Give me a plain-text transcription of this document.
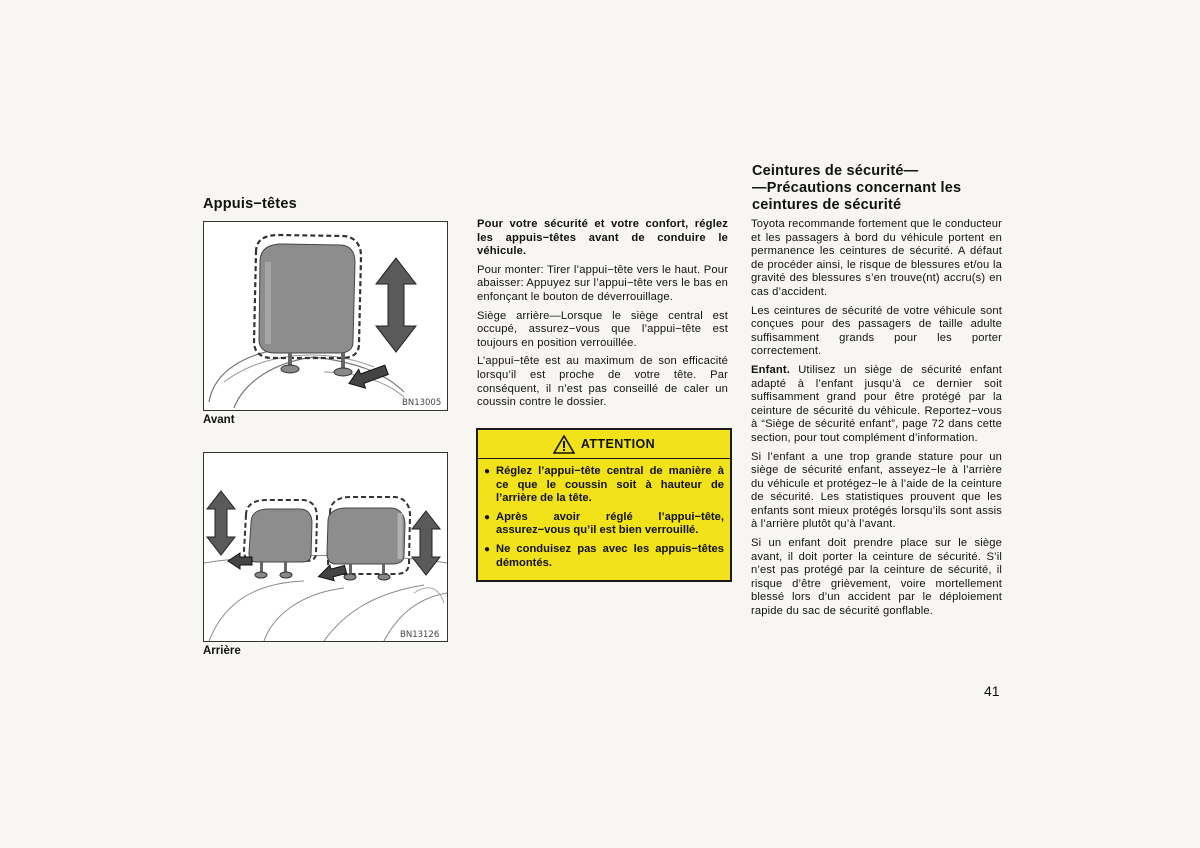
Appuis−têtes
BN13005
Avant
BN13126
Arrière

Pour votre sécurité et votre confort, réglez les appuis−têtes avant de conduire le véhicule.

Pour monter: Tirer l’appui−tête vers le haut. Pour abaisser: Appuyez sur l’appui−tête vers le bas en enfonçant le bouton de déverrouillage.

Siège arrière—Lorsque le siège central est occupé, assurez−vous que l’appui−tête est toujours en position verrouillée.

L’appui−tête est au maximum de son efficacité lorsqu’il est proche de votre tête. Par conséquent, il n’est pas conseillé de caler un coussin contre le dossier.

ATTENTION
● Réglez l’appui−tête central de manière à ce que le coussin soit à hauteur de l’arrière de la tête.
● Après avoir réglé l’appui−tête, assurez−vous qu’il est bien verrouillé.
● Ne conduisez pas avec les appuis−têtes démontés.
Ceintures de sécurité—
—Précautions concernant les
ceintures de sécurité

Toyota recommande fortement que le conducteur et les passagers à bord du véhicule portent en permanence les ceintures de sécurité. A défaut de procéder ainsi, le risque de blessures et/ou la gravité des blessures s’en trouve(nt) accru(s) en cas d’accident.

Les ceintures de sécurité de votre véhicule sont conçues pour des passagers de taille adulte suffisamment grands pour les porter correctement.

Enfant. Utilisez un siège de sécurité enfant adapté à l’enfant jusqu’à ce dernier soit suffisamment grand pour être protégé par la ceinture de sécurité du véhicule. Reportez−vous à “Siège de sécurité enfant”, page 72 dans cette section, pour tout complément d’information.

Si l’enfant a une trop grande stature pour un siège de sécurité enfant, asseyez−le à l’arrière du véhicule et protégez−le à l’aide de la ceinture de sécurité. Les statistiques prouvent que les enfants sont mieux protégés lorsqu’ils sont assis à l’arrière plutôt qu’à l’avant.

Si un enfant doit prendre place sur le siège avant, il doit porter la ceinture de sécurité. S’il n’est pas protégé par la ceinture de sécurité, il risque d’être grièvement, voire mortellement blessé lors d’un accident par le déploiement rapide du sac de sécurité gonflable.

41
